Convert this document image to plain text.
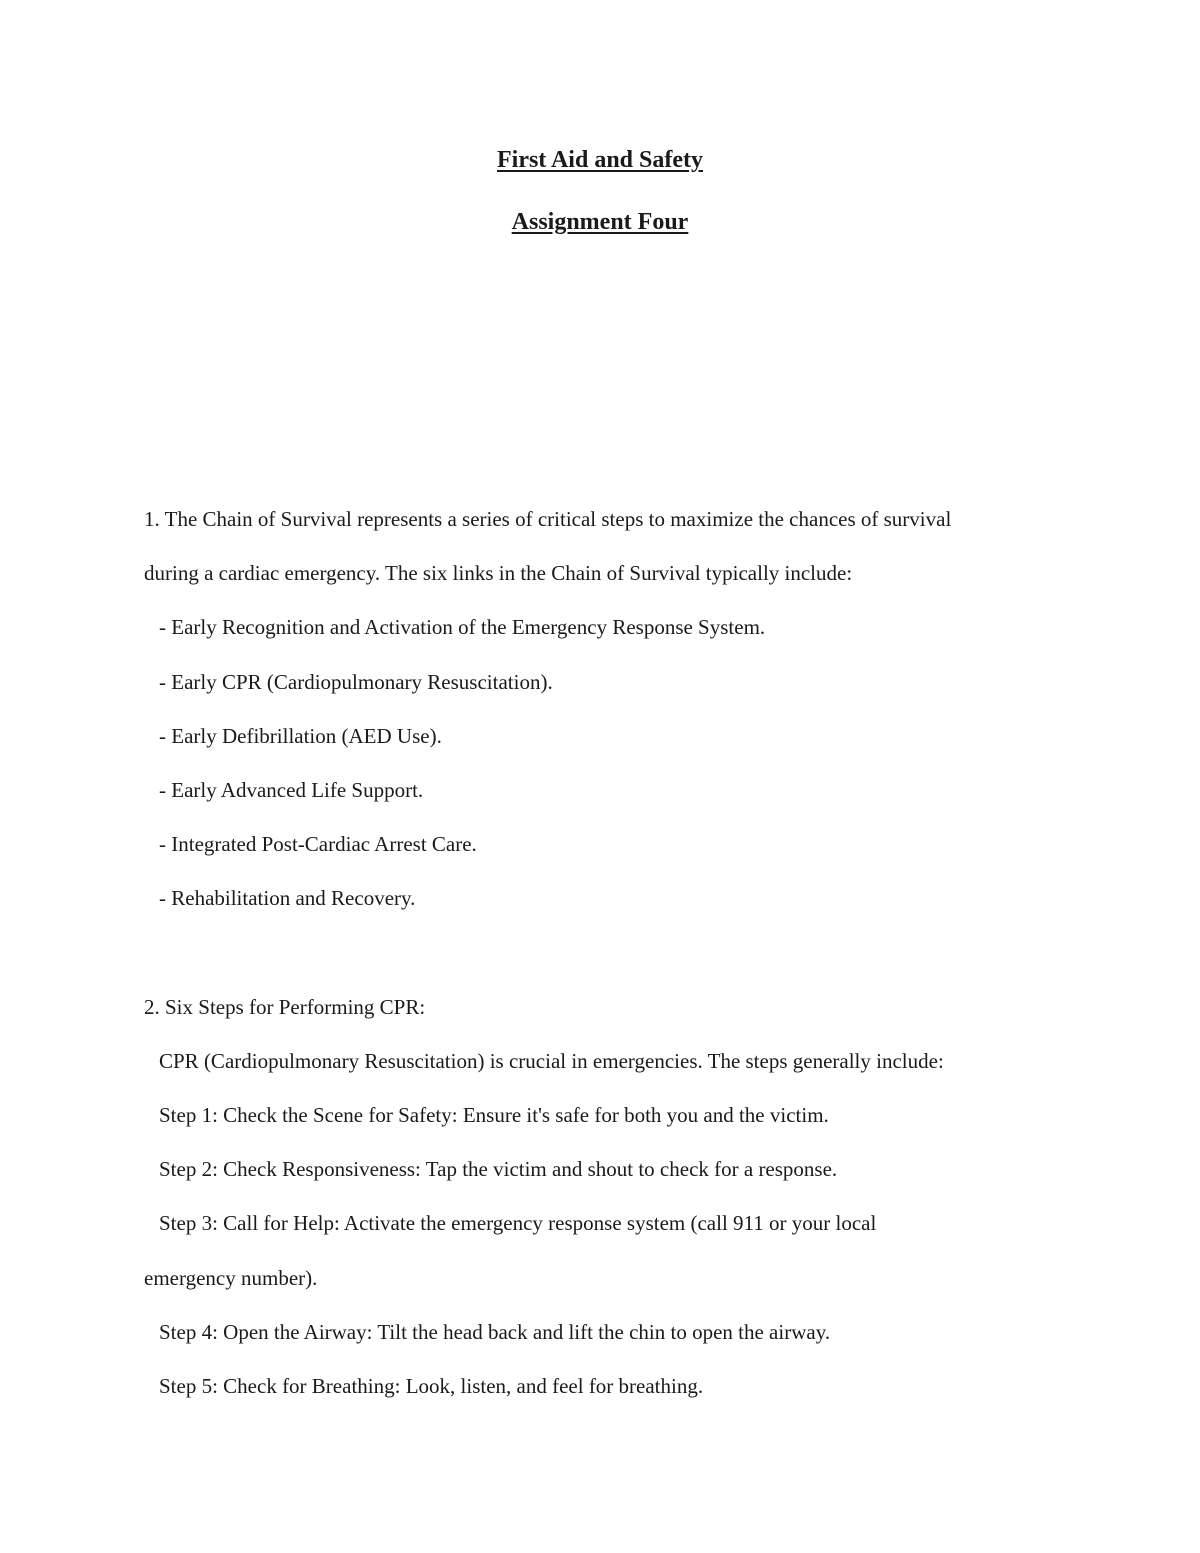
First Aid and Safety
Assignment Four
1. The Chain of Survival represents a series of critical steps to maximize the chances of survival
during a cardiac emergency. The six links in the Chain of Survival typically include:
- Early Recognition and Activation of the Emergency Response System.
- Early CPR (Cardiopulmonary Resuscitation).
- Early Defibrillation (AED Use).
- Early Advanced Life Support.
- Integrated Post-Cardiac Arrest Care.
- Rehabilitation and Recovery.
2. Six Steps for Performing CPR:
CPR (Cardiopulmonary Resuscitation) is crucial in emergencies. The steps generally include:
Step 1: Check the Scene for Safety: Ensure it's safe for both you and the victim.
Step 2: Check Responsiveness: Tap the victim and shout to check for a response.
Step 3: Call for Help: Activate the emergency response system (call 911 or your local
emergency number).
Step 4: Open the Airway: Tilt the head back and lift the chin to open the airway.
Step 5: Check for Breathing: Look, listen, and feel for breathing.
